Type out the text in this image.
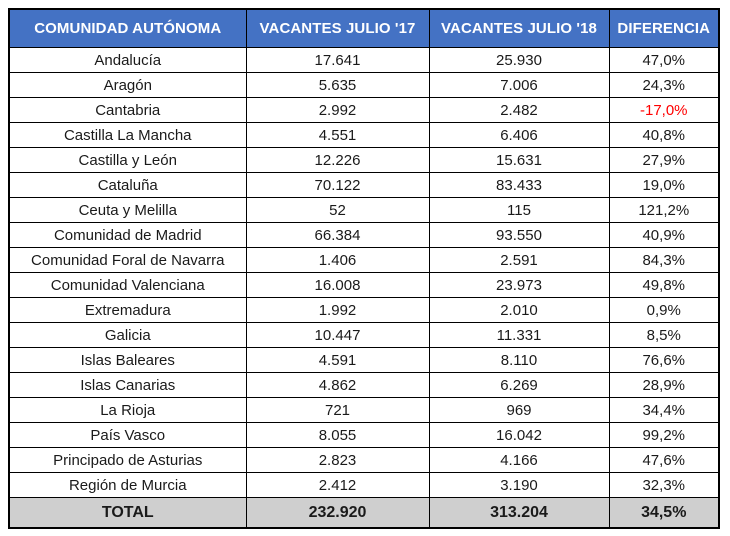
COMUNIDAD AUTÓNOMA	VACANTES JULIO '17	VACANTES JULIO '18	DIFERENCIA
Andalucía	17.641	25.930	47,0%
Aragón	5.635	7.006	24,3%
Cantabria	2.992	2.482	-17,0%
Castilla La Mancha	4.551	6.406	40,8%
Castilla y León	12.226	15.631	27,9%
Cataluña	70.122	83.433	19,0%
Ceuta y Melilla	52	115	121,2%
Comunidad de Madrid	66.384	93.550	40,9%
Comunidad Foral de Navarra	1.406	2.591	84,3%
Comunidad Valenciana	16.008	23.973	49,8%
Extremadura	1.992	2.010	0,9%
Galicia	10.447	11.331	8,5%
Islas Baleares	4.591	8.110	76,6%
Islas Canarias	4.862	6.269	28,9%
La Rioja	721	969	34,4%
País Vasco	8.055	16.042	99,2%
Principado de Asturias	2.823	4.166	47,6%
Región de Murcia	2.412	3.190	32,3%
TOTAL	232.920	313.204	34,5%
